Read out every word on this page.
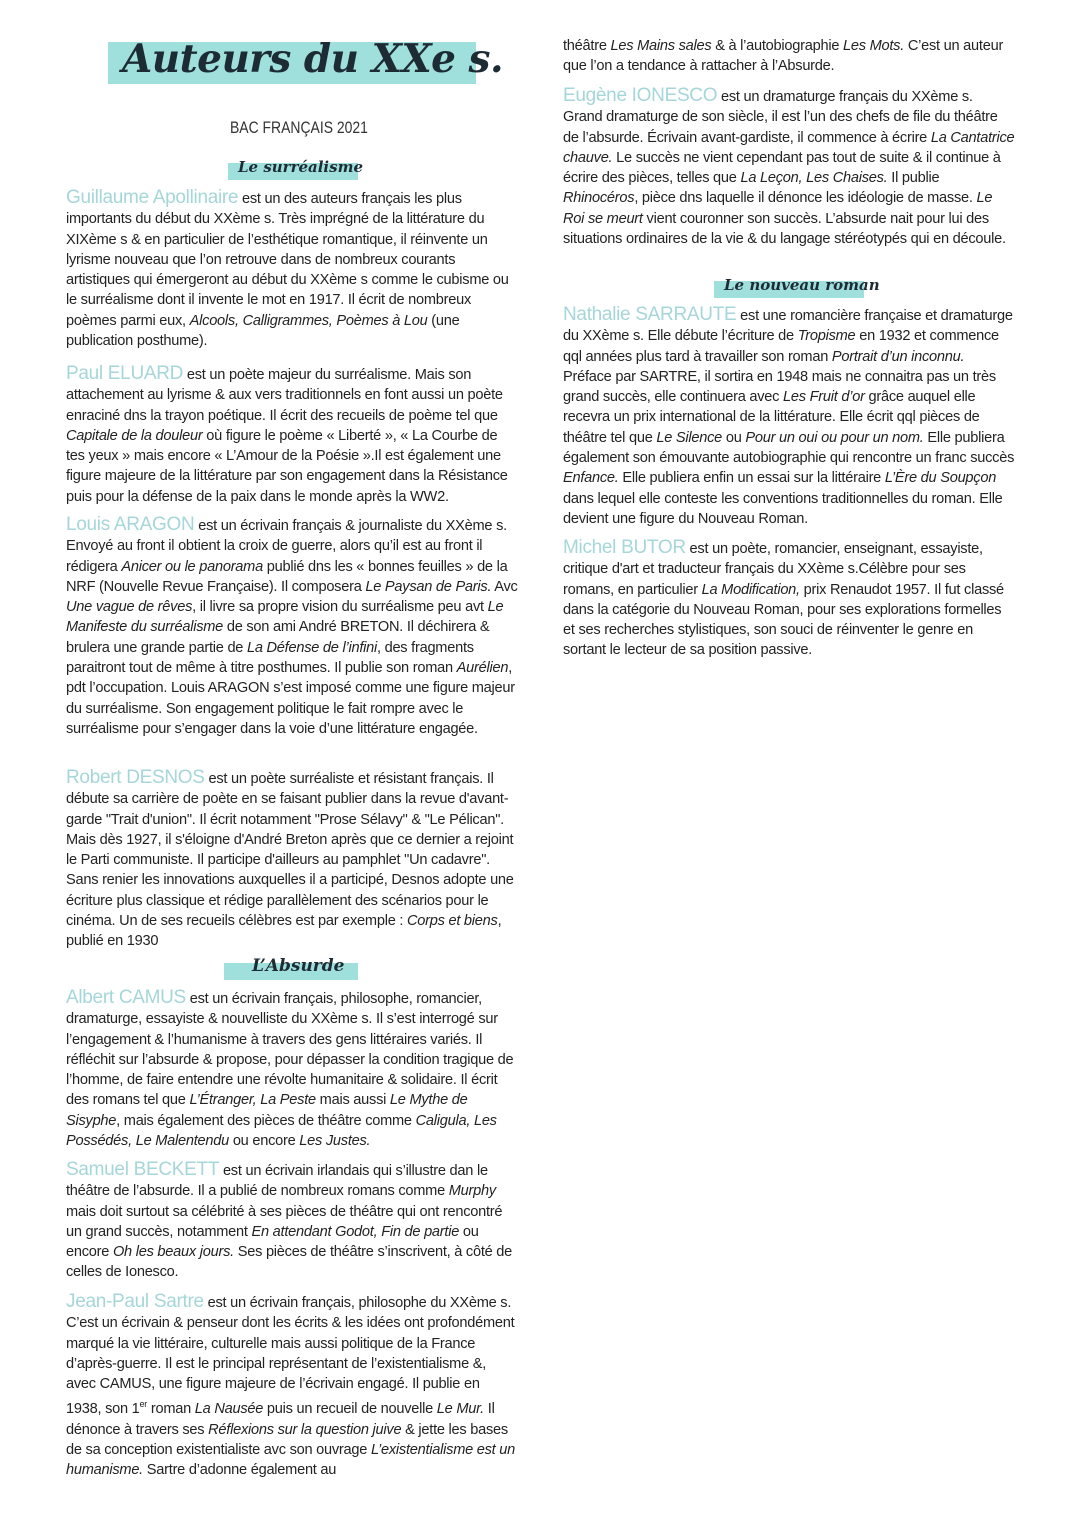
Auteurs du XXe s.
BAC FRANÇAIS 2021
Le surréalisme
Guillaume Apollinaire est un des auteurs français les plus importants du début du XXème s. Très imprégné de la littérature du XIXème s & en particulier de l’esthétique romantique, il réinvente un lyrisme nouveau que l’on retrouve dans de nombreux courants artistiques qui émergeront au début du XXème s comme le cubisme ou le surréalisme dont il invente le mot en 1917. Il écrit de nombreux poèmes parmi eux, Alcools, Calligrammes, Poèmes à Lou (une publication posthume).
Paul ELUARD est un poète majeur du surréalisme. Mais son attachement au lyrisme & aux vers traditionnels en font aussi un poète enraciné dns la trayon poétique. Il écrit des recueils de poème tel que Capitale de la douleur où figure le poème « Liberté », « La Courbe de tes yeux » mais encore « L’Amour de la Poésie ».Il est également une figure majeure de la littérature par son engagement dans la Résistance puis pour la défense de la paix dans le monde après la WW2.
Louis ARAGON est un écrivain français & journaliste du XXème s. Envoyé au front il obtient la croix de guerre, alors qu’il est au front il rédigera Anicer ou le panorama publié dns les « bonnes feuilles » de la NRF (Nouvelle Revue Française). Il composera Le Paysan de Paris. Avc Une vague de rêves, il livre sa propre vision du surréalisme peu avt Le Manifeste du surréalisme de son ami André BRETON. Il déchirera & brulera une grande partie de La Défense de l’infini, des fragments paraitront tout de même à titre posthumes. Il publie son roman Aurélien, pdt l’occupation. Louis ARAGON s’est imposé comme une figure majeur du surréalisme. Son engagement politique le fait rompre avec le surréalisme pour s’engager dans la voie d’une littérature engagée.
Robert DESNOS est un poète surréaliste et résistant français. Il débute sa carrière de poète en se faisant publier dans la revue d'avant-garde "Trait d'union". Il écrit notamment "Prose Sélavy" & "Le Pélican". Mais dès 1927, il s'éloigne d'André Breton après que ce dernier a rejoint le Parti communiste. Il participe d'ailleurs au pamphlet "Un cadavre". Sans renier les innovations auxquelles il a participé, Desnos adopte une écriture plus classique et rédige parallèlement des scénarios pour le cinéma. Un de ses recueils célèbres est par exemple : Corps et biens, publié en 1930
L’Absurde
Albert CAMUS est un écrivain français, philosophe, romancier, dramaturge, essayiste & nouvelliste du XXème s. Il s’est interrogé sur l’engagement & l’humanisme à travers des gens littéraires variés. Il réfléchit sur l’absurde & propose, pour dépasser la condition tragique de l’homme, de faire entendre une révolte humanitaire & solidaire. Il écrit des romans tel que L’Étranger, La Peste mais aussi Le Mythe de Sisyphe, mais également des pièces de théâtre comme Caligula, Les Possédés, Le Malentendu ou encore Les Justes.
Samuel BECKETT est un écrivain irlandais qui s’illustre dan le théâtre de l’absurde. Il a publié de nombreux romans comme Murphy mais doit surtout sa célébrité à ses pièces de théâtre qui ont rencontré un grand succès, notamment En attendant Godot, Fin de partie ou encore Oh les beaux jours. Ses pièces de théâtre s’inscrivent, à côté de celles de Ionesco.
Jean-Paul Sartre est un écrivain français, philosophe du XXème s. C’est un écrivain & penseur dont les écrits & les idées ont profondément marqué la vie littéraire, culturelle mais aussi politique de la France d’après-guerre. Il est le principal représentant de l’existentialisme &, avec CAMUS, une figure majeure de l’écrivain engagé. Il publie en 1938, son 1er roman La Nausée puis un recueil de nouvelle Le Mur. Il dénonce à travers ses Réflexions sur la question juive & jette les bases de sa conception existentialiste avc son ouvrage L’existentialisme est un humanisme. Sartre d’adonne également au
théâtre Les Mains sales & à l’autobiographie Les Mots. C’est un auteur que l’on a tendance à rattacher à l’Absurde.
Eugène IONESCO est un dramaturge français du XXème s. Grand dramaturge de son siècle, il est l’un des chefs de file du théâtre de l’absurde. Écrivain avant-gardiste, il commence à écrire La Cantatrice chauve. Le succès ne vient cependant pas tout de suite & il continue à écrire des pièces, telles que La Leçon, Les Chaises. Il publie Rhinocéros, pièce dns laquelle il dénonce les idéologie de masse. Le Roi se meurt vient couronner son succès. L’absurde nait pour lui des situations ordinaires de la vie & du langage stéréotypés qui en découle.
Le nouveau roman
Nathalie SARRAUTE est une romancière française et dramaturge du XXème s. Elle débute l’écriture de Tropisme en 1932 et commence qql années plus tard à travailler son roman Portrait d’un inconnu. Préface par SARTRE, il sortira en 1948 mais ne connaitra pas un très grand succès, elle continuera avec Les Fruit d’or grâce auquel elle recevra un prix international de la littérature. Elle écrit qql pièces de théâtre tel que Le Silence ou Pour un oui ou pour un nom. Elle publiera également son émouvante autobiographie qui rencontre un franc succès Enfance. Elle publiera enfin un essai sur la littéraire L’Ère du Soupçon dans lequel elle conteste les conventions traditionnelles du roman. Elle devient une figure du Nouveau Roman.
Michel BUTOR est un poète, romancier, enseignant, essayiste, critique d'art et traducteur français du XXème s.Célèbre pour ses romans, en particulier La Modification, prix Renaudot 1957. Il fut classé dans la catégorie du Nouveau Roman, pour ses explorations formelles et ses recherches stylistiques, son souci de réinventer le genre en sortant le lecteur de sa position passive.
